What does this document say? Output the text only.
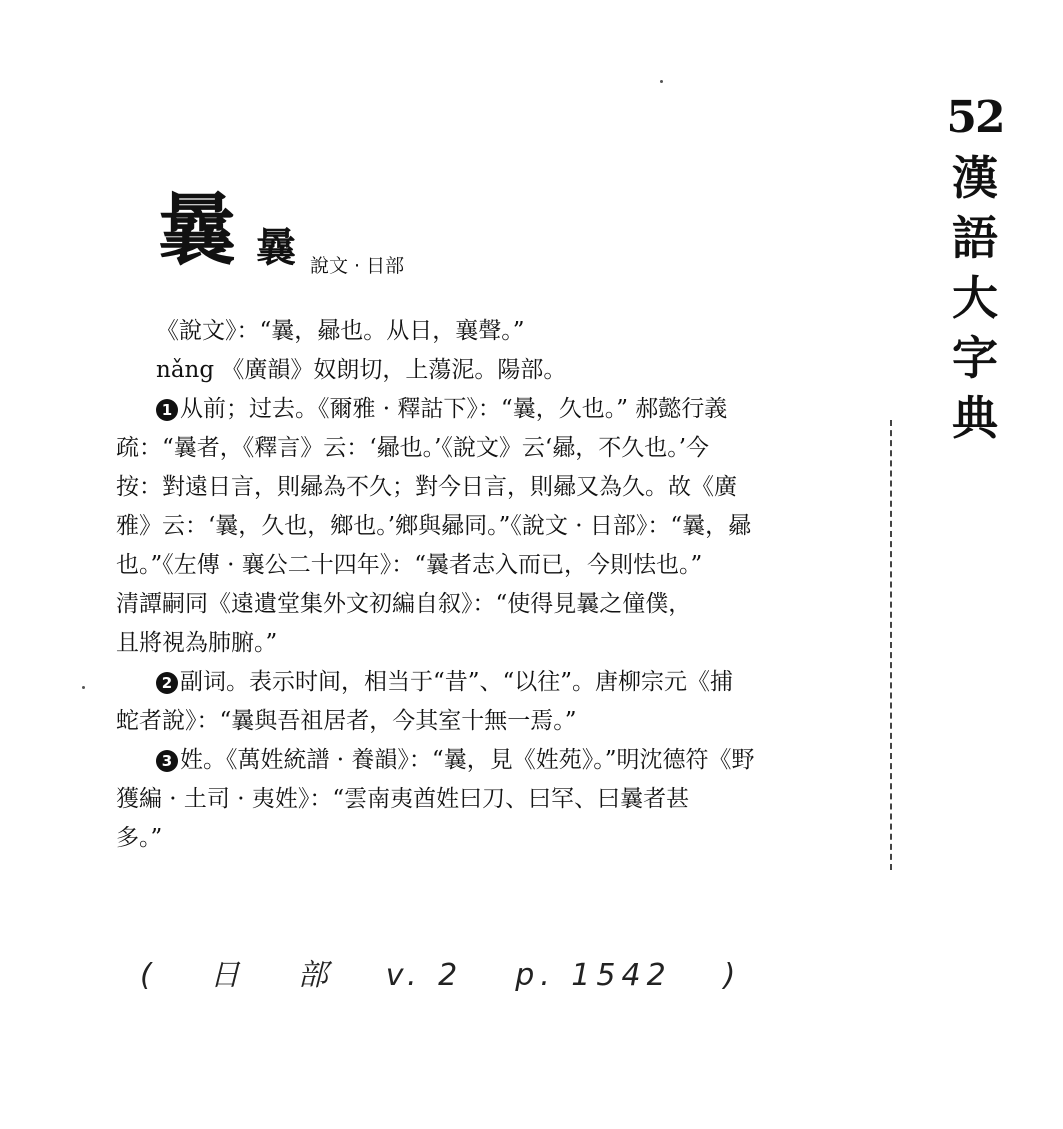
52
漢
語
大
字
典
曩 曩 說文 · 日部
《說文》：“曩，曏也。从日，襄聲。”
nǎng 《廣韻》奴朗切，上蕩泥。陽部。
1 从前；过去。《爾雅 · 釋詁下》：“曩，久也。” 郝懿行義
疏：“曩者，《釋言》云：‘曏也。’《說文》云‘曏，不久也。’今
按：對遠日言，則曏為不久；對今日言，則曏又為久。故《廣
雅》云：‘曩，久也，鄉也。’鄉與曏同。”《說文 · 日部》：“曩，曏
也。”《左傳 · 襄公二十四年》：“曩者志入而已，今則怯也。”
清譚嗣同《遠遺堂集外文初編自叙》：“使得見曩之僮僕，
且將視為肺腑。”
2 副词。表示时间，相当于“昔”、“以往”。唐柳宗元《捕
蛇者說》：“曩與吾祖居者，今其室十無一焉。”
3 姓。《萬姓統譜 · 養韻》：“曩，見《姓苑》。”明沈德符《野
獲編 · 土司 · 夷姓》：“雲南夷酋姓曰刀、曰罕、曰曩者甚
多。”
( 日 部 v. 2 p. 1542 )
